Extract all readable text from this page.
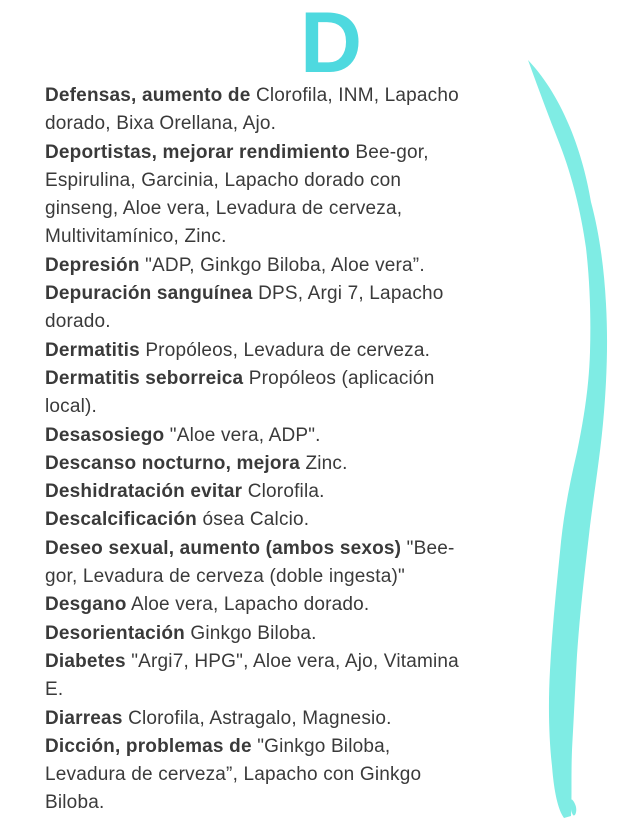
D

Defensas, aumento de Clorofila, INM, Lapacho dorado, Bixa Orellana, Ajo.

Deportistas, mejorar rendimiento Bee-gor, Espirulina, Garcinia, Lapacho dorado con ginseng, Aloe vera, Levadura de cerveza, Multivitamínico, Zinc.

Depresión "ADP, Ginkgo Biloba, Aloe vera”.

Depuración sanguínea DPS, Argi 7, Lapacho dorado.

Dermatitis Propóleos, Levadura de cerveza.

Dermatitis seborreica Propóleos (aplicación local).

Desasosiego "Aloe vera, ADP".

Descanso nocturno, mejora Zinc.

Deshidratación evitar Clorofila.

Descalcificación ósea Calcio.

Deseo sexual, aumento (ambos sexos) "Bee-gor, Levadura de cerveza (doble ingesta)"

Desgano Aloe vera, Lapacho dorado.

Desorientación Ginkgo Biloba.

Diabetes "Argi7, HPG", Aloe vera, Ajo, Vitamina E.

Diarreas Clorofila, Astragalo, Magnesio.

Dicción, problemas de "Ginkgo Biloba, Levadura de cerveza”, Lapacho con Ginkgo Biloba.
